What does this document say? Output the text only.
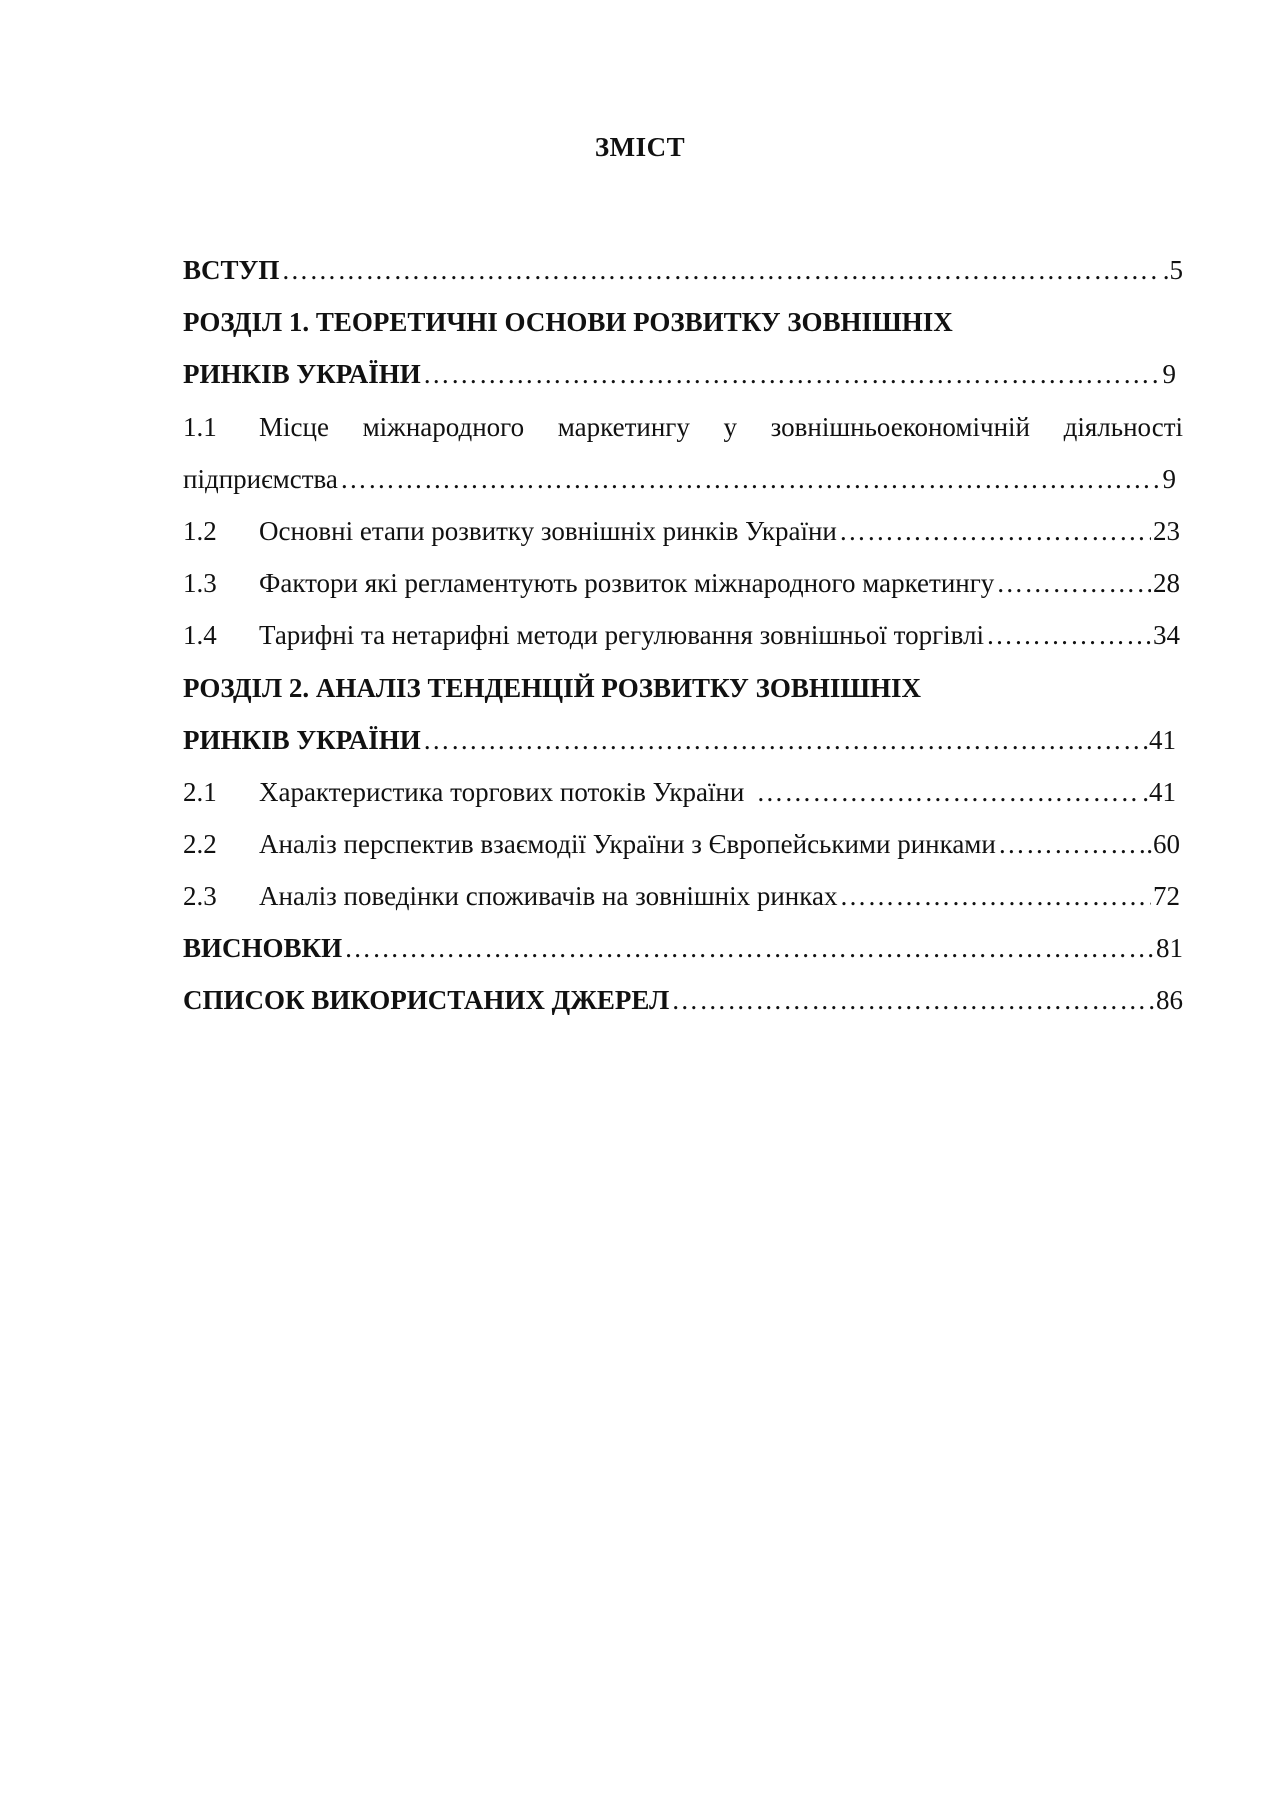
ЗМІСТ
ВСТУП …………………………………………………………………………………………………………………………………………………………………………………	.5
РОЗДІЛ 1. ТЕОРЕТИЧНІ ОСНОВИ РОЗВИТКУ ЗОВНІШНІХ
РИНКІВ УКРАЇНИ …………………………………………………………………………………………………………………………………………………………………………………	9
1.1	Місце міжнародного маркетингу у зовнішньоекономічній діяльності
підприємства …………………………………………………………………………………………………………………………………………………………………………………	9
1.2	Основні етапи розвитку зовнішніх ринків України …………………………………………………………………………………………………………………………………………………………………………………	23
1.3	Фактори які регламентують розвиток міжнародного маркетингу …………………………………………………………………………………………………………………………………………………………………………………	28
1.4	Тарифні та нетарифні методи регулювання зовнішньої торгівлі …………………………………………………………………………………………………………………………………………………………………………………	34
РОЗДІЛ 2. АНАЛІЗ ТЕНДЕНЦІЙ РОЗВИТКУ ЗОВНІШНІХ
РИНКІВ УКРАЇНИ …………………………………………………………………………………………………………………………………………………………………………………	.41
2.1	Характеристика торгових потоків України …………………………………………………………………………………………………………………………………………………………………………………	.41
2.2	Аналіз перспектив взаємодії України з Європейськими ринками …………………………………………………………………………………………………………………………………………………………………………………	.60
2.3	Аналіз поведінки споживачів на зовнішніх ринках …………………………………………………………………………………………………………………………………………………………………………………	72
ВИСНОВКИ …………………………………………………………………………………………………………………………………………………………………………………	81
СПИСОК ВИКОРИСТАНИХ ДЖЕРЕЛ …………………………………………………………………………………………………………………………………………………………………………………	86
